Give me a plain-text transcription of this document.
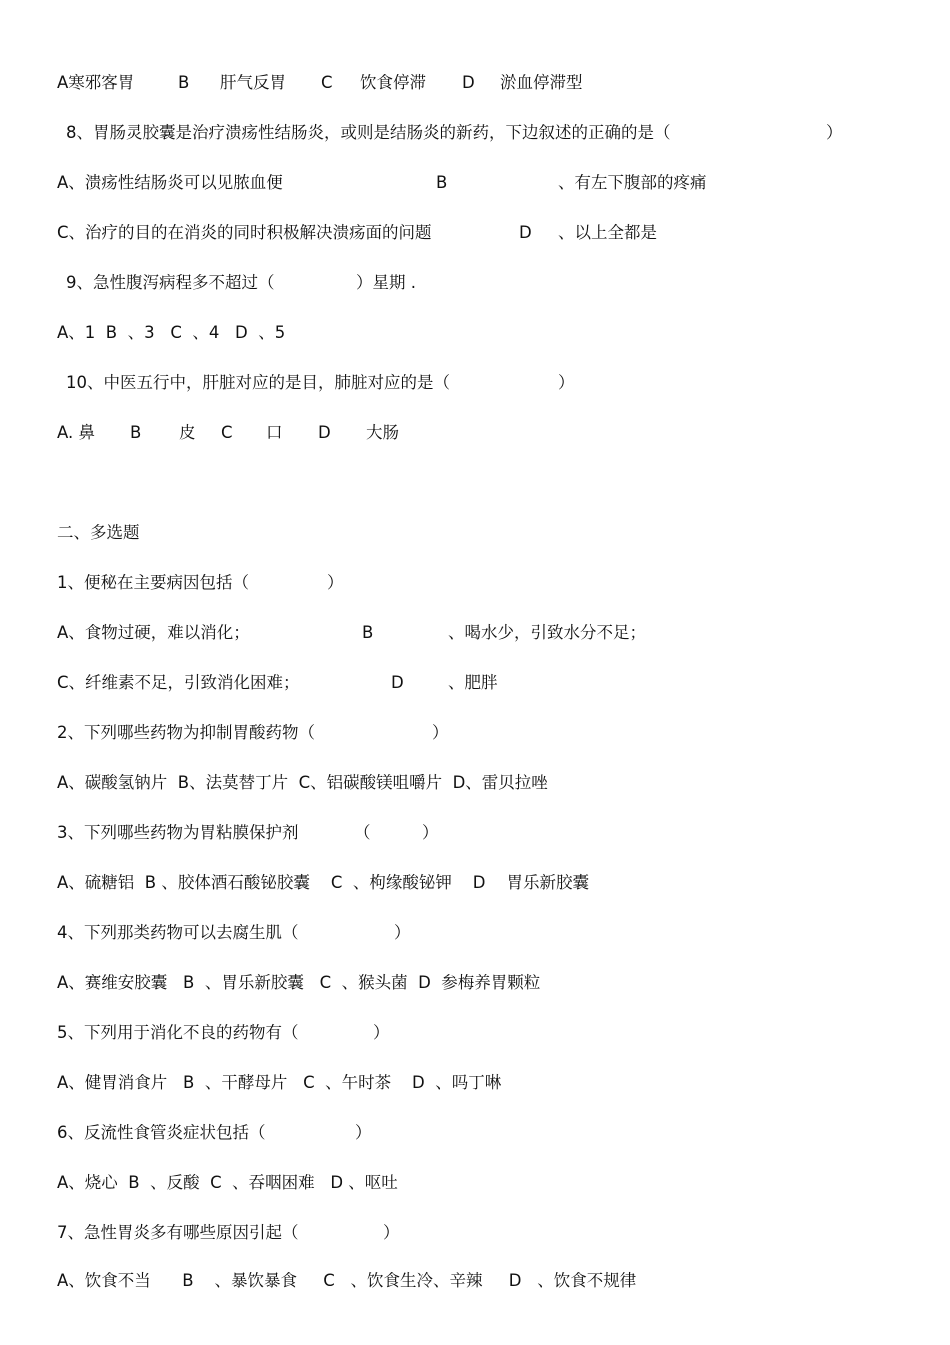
A寒邪客胃

	B

肝气反胃

C

饮食停滞

D

淤血停滞型

8、胃肠灵胶囊是治疗溃疡性结肠炎，或则是结肠炎的新药，下边叙述的正确的是（

	）

A、溃疡性结肠炎可以见脓血便

	B

	、有左下腹部的疼痛

C、治疗的目的在消炎的同时积极解决溃疡面的问题

	D

、以上全都是

9、急性腹泻病程多不超过（

	）星期 .

A、1  B  、3   C  、4   D  、5

10、中医五行中，肝脏对应的是目，肺脏对应的是（

	）

A. 鼻

B

皮

C

口

D

大肠

二、多选题

1、便秘在主要病因包括（

	）

A、食物过硬，难以消化；

	B

	、喝水少，引致水分不足；

C、纤维素不足，引致消化困难；

	D

	、肥胖

2、下列哪些药物为抑制胃酸药物（

	）

A、碳酸氢钠片  B、法莫替丁片  C、铝碳酸镁咀嚼片  D、雷贝拉唑

3、下列哪些药物为胃粘膜保护剂

	（

	）

A、硫糖铝  B 、胶体酒石酸铋胶囊    C  、枸缘酸铋钾    D    胃乐新胶囊

4、下列那类药物可以去腐生肌（

	）

A、赛维安胶囊   B  、胃乐新胶囊   C  、猴头菌  D  参梅养胃颗粒

5、下列用于消化不良的药物有（

	）

A、健胃消食片   B  、干酵母片   C  、午时茶    D  、吗丁啉

6、反流性食管炎症状包括（

	）

A、烧心  B  、反酸  C  、吞咽困难   D 、呕吐

7、急性胃炎多有哪些原因引起（

	）

A、饮食不当      B    、暴饮暴食     C   、饮食生冷、辛辣     D   、饮食不规律
